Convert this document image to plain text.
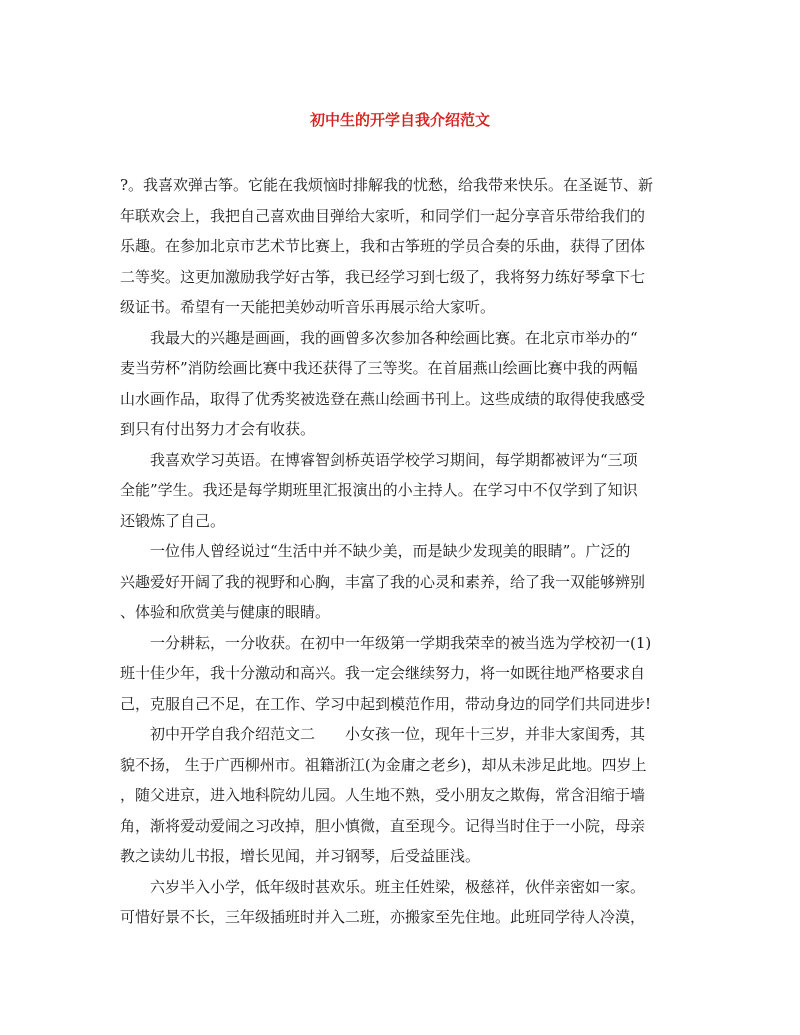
初中生的开学自我介绍范文
?。我喜欢弹古筝。它能在我烦恼时排解我的忧愁，给我带来快乐。在圣诞节、新
年联欢会上，我把自己喜欢曲目弹给大家听，和同学们一起分享音乐带给我们的
乐趣。在参加北京市艺术节比赛上，我和古筝班的学员合奏的乐曲，获得了团体
二等奖。这更加激励我学好古筝，我已经学习到七级了，我将努力练好琴拿下七
级证书。希望有一天能把美妙动听音乐再展示给大家听。
我最大的兴趣是画画，我的画曾多次参加各种绘画比赛。在北京市举办的“
麦当劳杯”消防绘画比赛中我还获得了三等奖。在首届燕山绘画比赛中我的两幅
山水画作品，取得了优秀奖被选登在燕山绘画书刊上。这些成绩的取得使我感受
到只有付出努力才会有收获。
我喜欢学习英语。在博睿智剑桥英语学校学习期间，每学期都被评为“三项
全能”学生。我还是每学期班里汇报演出的小主持人。在学习中不仅学到了知识
还锻炼了自己。
一位伟人曾经说过“生活中并不缺少美，而是缺少发现美的眼睛”。广泛的
兴趣爱好开阔了我的视野和心胸，丰富了我的心灵和素养，给了我一双能够辨别
、体验和欣赏美与健康的眼睛。
一分耕耘，一分收获。在初中一年级第一学期我荣幸的被当选为学校初一(1)
班十佳少年，我十分激动和高兴。我一定会继续努力，将一如既往地严格要求自
己，克服自己不足，在工作、学习中起到模范作用，带动身边的同学们共同进步!
初中开学自我介绍范文二　　小女孩一位，现年十三岁，并非大家闺秀，其
貌不扬， 生于广西柳州市。祖籍浙江(为金庸之老乡)，却从未涉足此地。四岁上
，随父进京，进入地科院幼儿园。人生地不熟，受小朋友之欺侮，常含泪缩于墙
角，渐将爱动爱闹之习改掉，胆小慎微，直至现今。记得当时住于一小院，母亲
教之读幼儿书报，增长见闻，并习钢琴，后受益匪浅。
六岁半入小学，低年级时甚欢乐。班主任姓梁，极慈祥，伙伴亲密如一家。
可惜好景不长，三年级插班时并入二班，亦搬家至先住地。此班同学待人冷漠，
